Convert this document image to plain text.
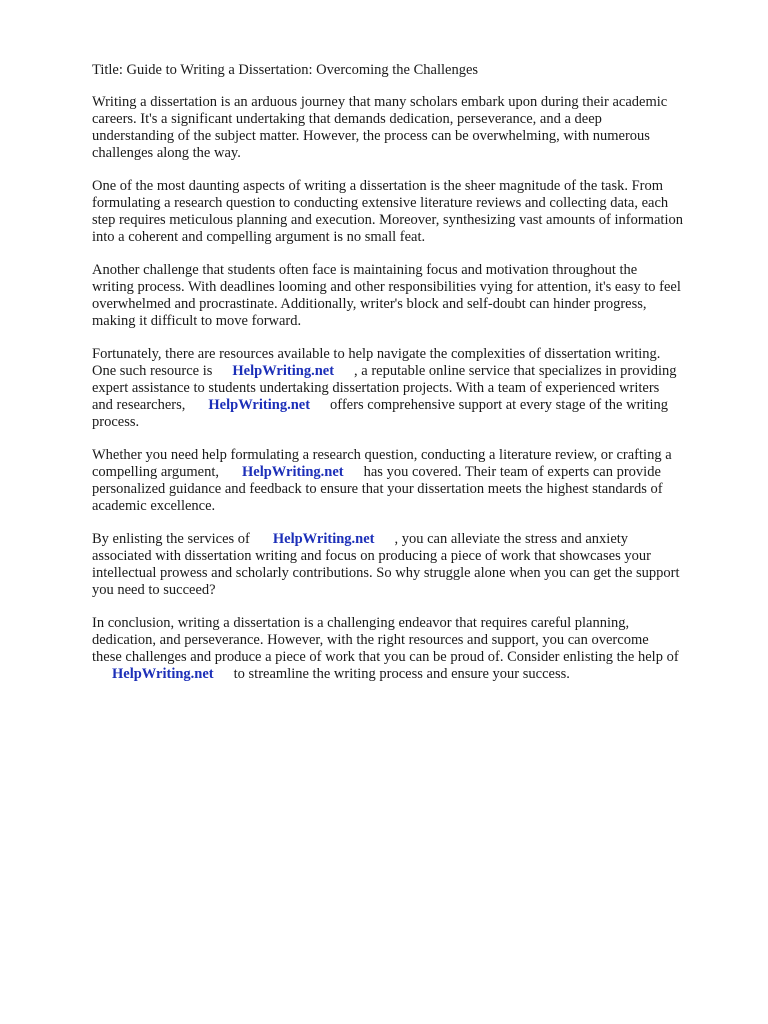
Title: Guide to Writing a Dissertation: Overcoming the Challenges

Writing a dissertation is an arduous journey that many scholars embark upon during their academic
careers. It's a significant undertaking that demands dedication, perseverance, and a deep
understanding of the subject matter. However, the process can be overwhelming, with numerous
challenges along the way.

One of the most daunting aspects of writing a dissertation is the sheer magnitude of the task. From
formulating a research question to conducting extensive literature reviews and collecting data, each
step requires meticulous planning and execution. Moreover, synthesizing vast amounts of information
into a coherent and compelling argument is no small feat.

Another challenge that students often face is maintaining focus and motivation throughout the
writing process. With deadlines looming and other responsibilities vying for attention, it's easy to feel
overwhelmed and procrastinate. Additionally, writer's block and self-doubt can hinder progress,
making it difficult to move forward.

Fortunately, there are resources available to help navigate the complexities of dissertation writing.
One such resource is HelpWriting.net , a reputable online service that specializes in providing
expert assistance to students undertaking dissertation projects. With a team of experienced writers
and researchers, HelpWriting.net offers comprehensive support at every stage of the writing
process.

Whether you need help formulating a research question, conducting a literature review, or crafting a
compelling argument, HelpWriting.net has you covered. Their team of experts can provide
personalized guidance and feedback to ensure that your dissertation meets the highest standards of
academic excellence.

By enlisting the services of HelpWriting.net , you can alleviate the stress and anxiety
associated with dissertation writing and focus on producing a piece of work that showcases your
intellectual prowess and scholarly contributions. So why struggle alone when you can get the support
you need to succeed?

In conclusion, writing a dissertation is a challenging endeavor that requires careful planning,
dedication, and perseverance. However, with the right resources and support, you can overcome
these challenges and produce a piece of work that you can be proud of. Consider enlisting the help of
HelpWriting.net to streamline the writing process and ensure your success.
